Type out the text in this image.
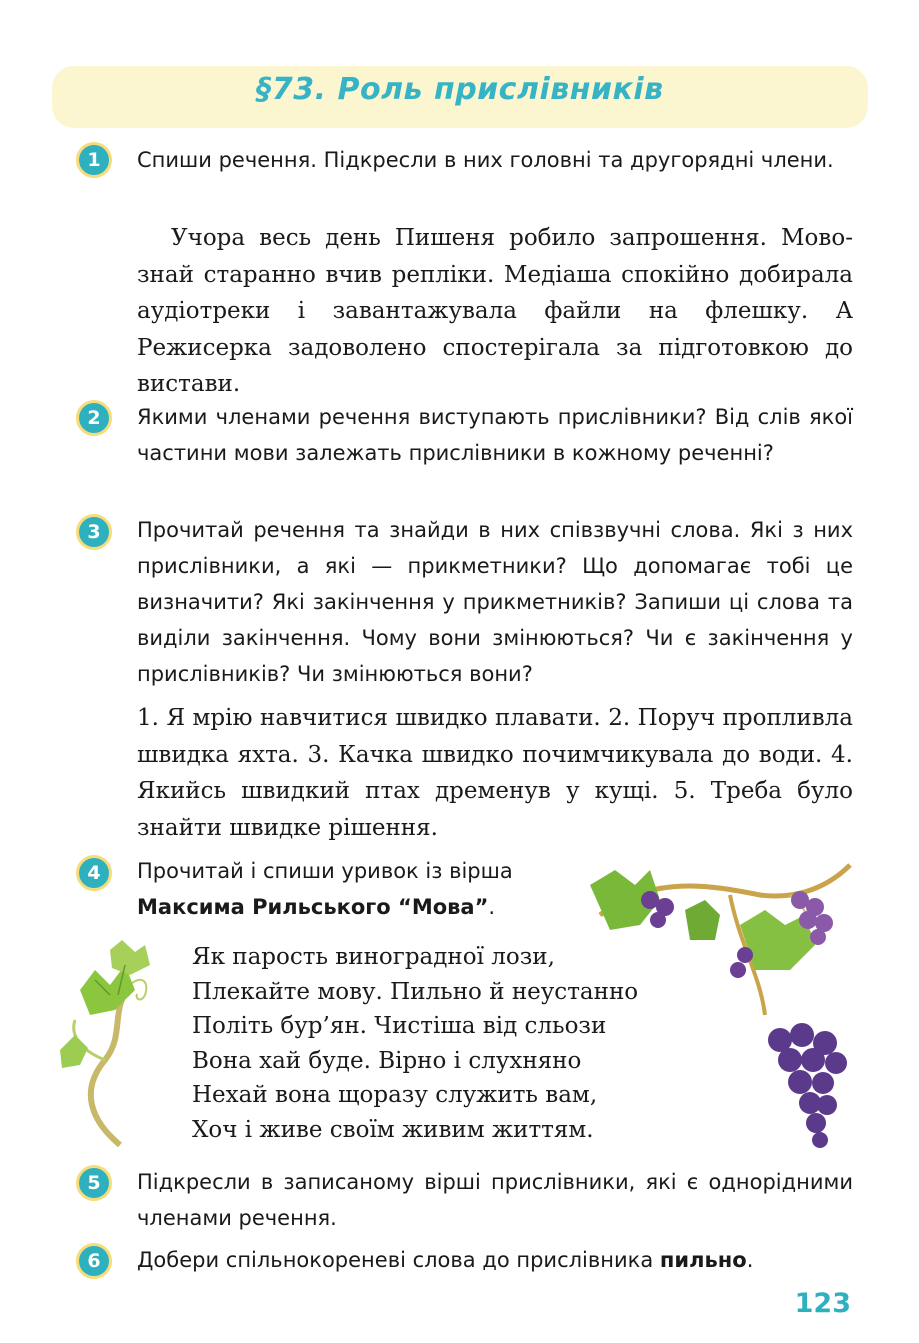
§73. Роль прислівників
1	Спиши речення. Підкресли в них головні та другорядні члени.

Учора весь день Пишеня робило запрошення. Мовознай старанно вчив репліки. Медіаша спокійно добирала аудіотреки і завантажувала файли на флешку. А Режисерка задоволено спостерігала за підготовкою до вистави.

2	Якими членами речення виступають прислівники? Від слів якої частини мови залежать прислівники в кожному реченні?
3	Прочитай речення та знайди в них співзвучні слова. Які з них прислівники, а які — прикметники? Що допомагає тобі це визначити? Які закінчення у прикметників? Запиши ці слова та виділи закінчення. Чому вони змінюються? Чи є закінчення у прислівників? Чи змінюються вони?

1. Я мрію навчитися швидко плавати. 2. Поруч пропливла швидка яхта. 3. Качка швидко почимчикувала до води. 4. Якийсь швидкий птах дременув у кущі. 5. Треба було знайти швидке рішення.

4	Прочитай і спиши уривок із вірша
Максима Рильського “Мова”.
Як парость виноградної лози,
Плекайте мову. Пильно й неустанно
Політь бур’ян. Чистіша від сльози
Вона хай буде. Вірно і слухняно
Нехай вона щоразу служить вам,
Хоч і живе своїм живим життям.
5	Підкресли в записаному вірші прислівники, які є однорідними членами речення.
6	Добери спільнокореневі слова до прислівника пильно.
123
